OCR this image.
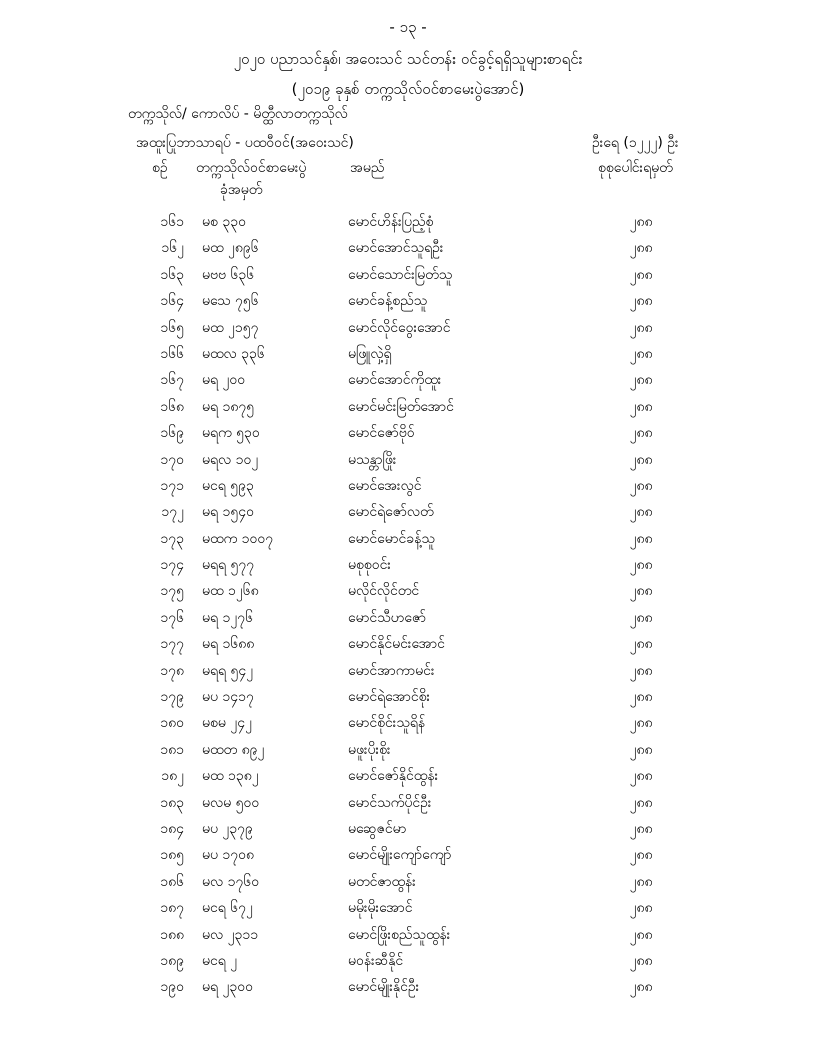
- ၁၃ -
၂၀၂၀ ပညာသင်နှစ်၊ အဝေးသင် သင်တန်း ဝင်ခွင့်ရရှိသူများစာရင်း
(၂၀၁၉ ခုနှစ် တက္ကသိုလ်ဝင်စာမေးပွဲအောင်)
တက္ကသိုလ်/ ကောလိပ် - မိတ္ထီလာတက္ကသိုလ်
အထူးပြုဘာသာရပ် - ပထဝီဝင်(အဝေးသင်)	ဦးရေ (၁၂၂၂) ဦး
စဉ် တက္ကသိုလ်ဝင်စာမေးပွဲ
ခုံအမှတ်
အမည်	စုစုပေါင်းရမှတ်
၁၆၁ မစ ၃၃၀	မောင်ဟိန်းပြည့်စုံ	၂၈၈
၁၆၂ မထ ၂၈၉၆	မောင်အောင်သူရဦး	၂၈၈
၁၆၃ မဗဗ ၆၃၆	မောင်သောင်းမြတ်သူ	၂၈၈
၁၆၄ မသေ ၇၅၆	မောင်ခန့်စည်သူ	၂၈၈
၁၆၅ မထ ၂၁၅၇	မောင်လိုင်ဝွေးအောင်	၂၈၈
၁၆၆ မထလ ၃၃၆	မဖြူလှဲ့ရှိ	၂၈၈
၁၆၇ မရ ၂၀၀	မောင်အောင်ကိုထူး	၂၈၈
၁၆၈ မရ ၁၈၇၅	မောင်မင်းမြတ်အောင်	၂၈၈
၁၆၉ မရက ၅၃၀	မောင်ဇော်ဗိုဝ်	၂၈၈
၁၇၀ မရလ ၁၀၂	မသန္တာဖြိုး	၂၈၈
၁၇၁ မငရ ၅၉၃	မောင်အေးလွင်	၂၈၈
၁၇၂ မရ ၁၅၄၀	မောင်ရဲဇော်လတ်	၂၈၈
၁၇၃ မထက ၁၀၀၇	မောင်မောင်ခန့်သူ	၂၈၈
၁၇၄ မရရ ၅၇၇	မစုစုဝင်း	၂၈၈
၁၇၅ မထ ၁၂၆၈	မလိုင်လိုင်တင်	၂၈၈
၁၇၆ မရ ၁၂၇၆	မောင်သီဟဇော်	၂၈၈
၁၇၇ မရ ၁၆၈၈	မောင်နိုင်မင်းအောင်	၂၈၈
၁၇၈ မရရ ၅၄၂	မောင်အာကာမင်း	၂၈၈
၁၇၉ မပ ၁၄၁၇	မောင်ရဲအောင်စိုး	၂၈၈
၁၈၀ မစမ ၂၄၂	မောင်စိုင်းသူရိန်	၂၈၈
၁၈၁ မထတ ၈၉၂	မဖူးပိုးစိုး	၂၈၈
၁၈၂ မထ ၁၃၈၂	မောင်ဇော်နိုင်ထွန်း	၂၈၈
၁၈၃ မလမ ၅၀၀	မောင်သက်ပိုင်ဦး	၂၈၈
၁၈၄ မပ ၂၃၇၉	မဆွေဇင်မာ	၂၈၈
၁၈၅ မပ ၁၇၀၈	မောင်မျိုးကျော်ကျော်	၂၈၈
၁၈၆ မလ ၁၇၆၀	မတင်ဇာထွန်း	၂၈၈
၁၈၇ မငရ ၆၇၂	မမိုးမိုးအောင်	၂၈၈
၁၈၈ မလ ၂၃၁၁	မောင်ဖြိုးစည်သူထွန်း	၂၈၈
၁၈၉ မငရ ၂	မဝန်းဆီနိုင်	၂၈၈
၁၉၀ မရ ၂၃၀၀	မောင်မျိုးနိုင်ဦး	၂၈၈
